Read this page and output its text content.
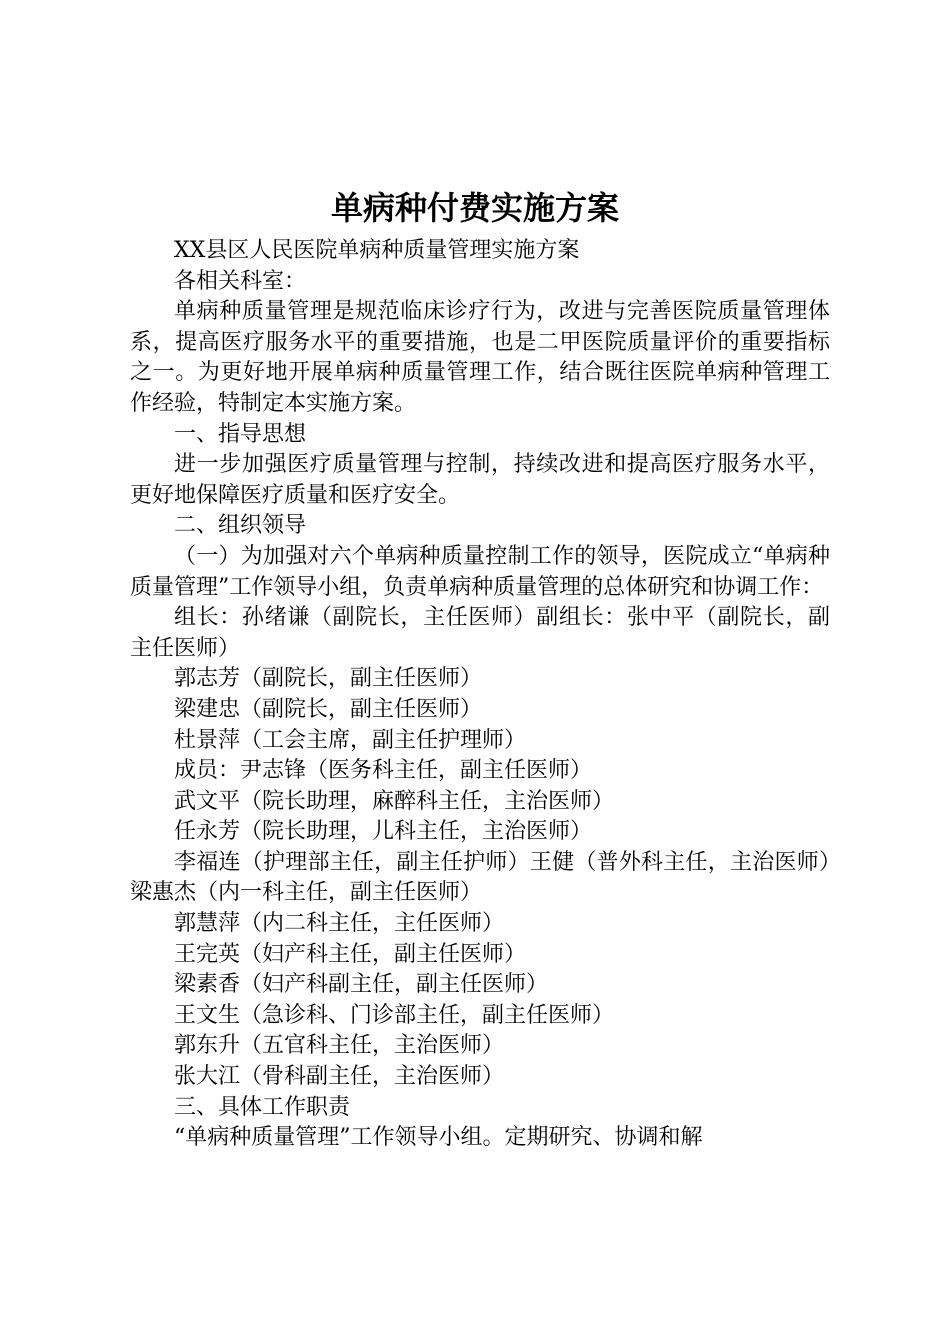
单病种付费实施方案

XX县区人民医院单病种质量管理实施方案

各相关科室：

单病种质量管理是规范临床诊疗行为，改进与完善医院质量管理体系，提高医疗服务水平的重要措施，也是二甲医院质量评价的重要指标之一。为更好地开展单病种质量管理工作，结合既往医院单病种管理工作经验，特制定本实施方案。

一、指导思想

进一步加强医疗质量管理与控制，持续改进和提高医疗服务水平，更好地保障医疗质量和医疗安全。

二、组织领导

（一）为加强对六个单病种质量控制工作的领导，医院成立“单病种质量管理”工作领导小组，负责单病种质量管理的总体研究和协调工作：

组长：孙绪谦（副院长，主任医师）副组长：张中平（副院长，副主任医师）

郭志芳（副院长，副主任医师）

梁建忠（副院长，副主任医师）

杜景萍（工会主席，副主任护理师）

成员：尹志锋（医务科主任，副主任医师）

武文平（院长助理，麻醉科主任，主治医师）

任永芳（院长助理，儿科主任，主治医师）

李福连（护理部主任，副主任护师）王健（普外科主任，主治医师）梁惠杰（内一科主任，副主任医师）

郭慧萍（内二科主任，主任医师）

王完英（妇产科主任，副主任医师）

梁素香（妇产科副主任，副主任医师）

王文生（急诊科、门诊部主任，副主任医师）

郭东升（五官科主任，主治医师）

张大江（骨科副主任，主治医师）

三、具体工作职责

“单病种质量管理”工作领导小组。定期研究、协调和解
